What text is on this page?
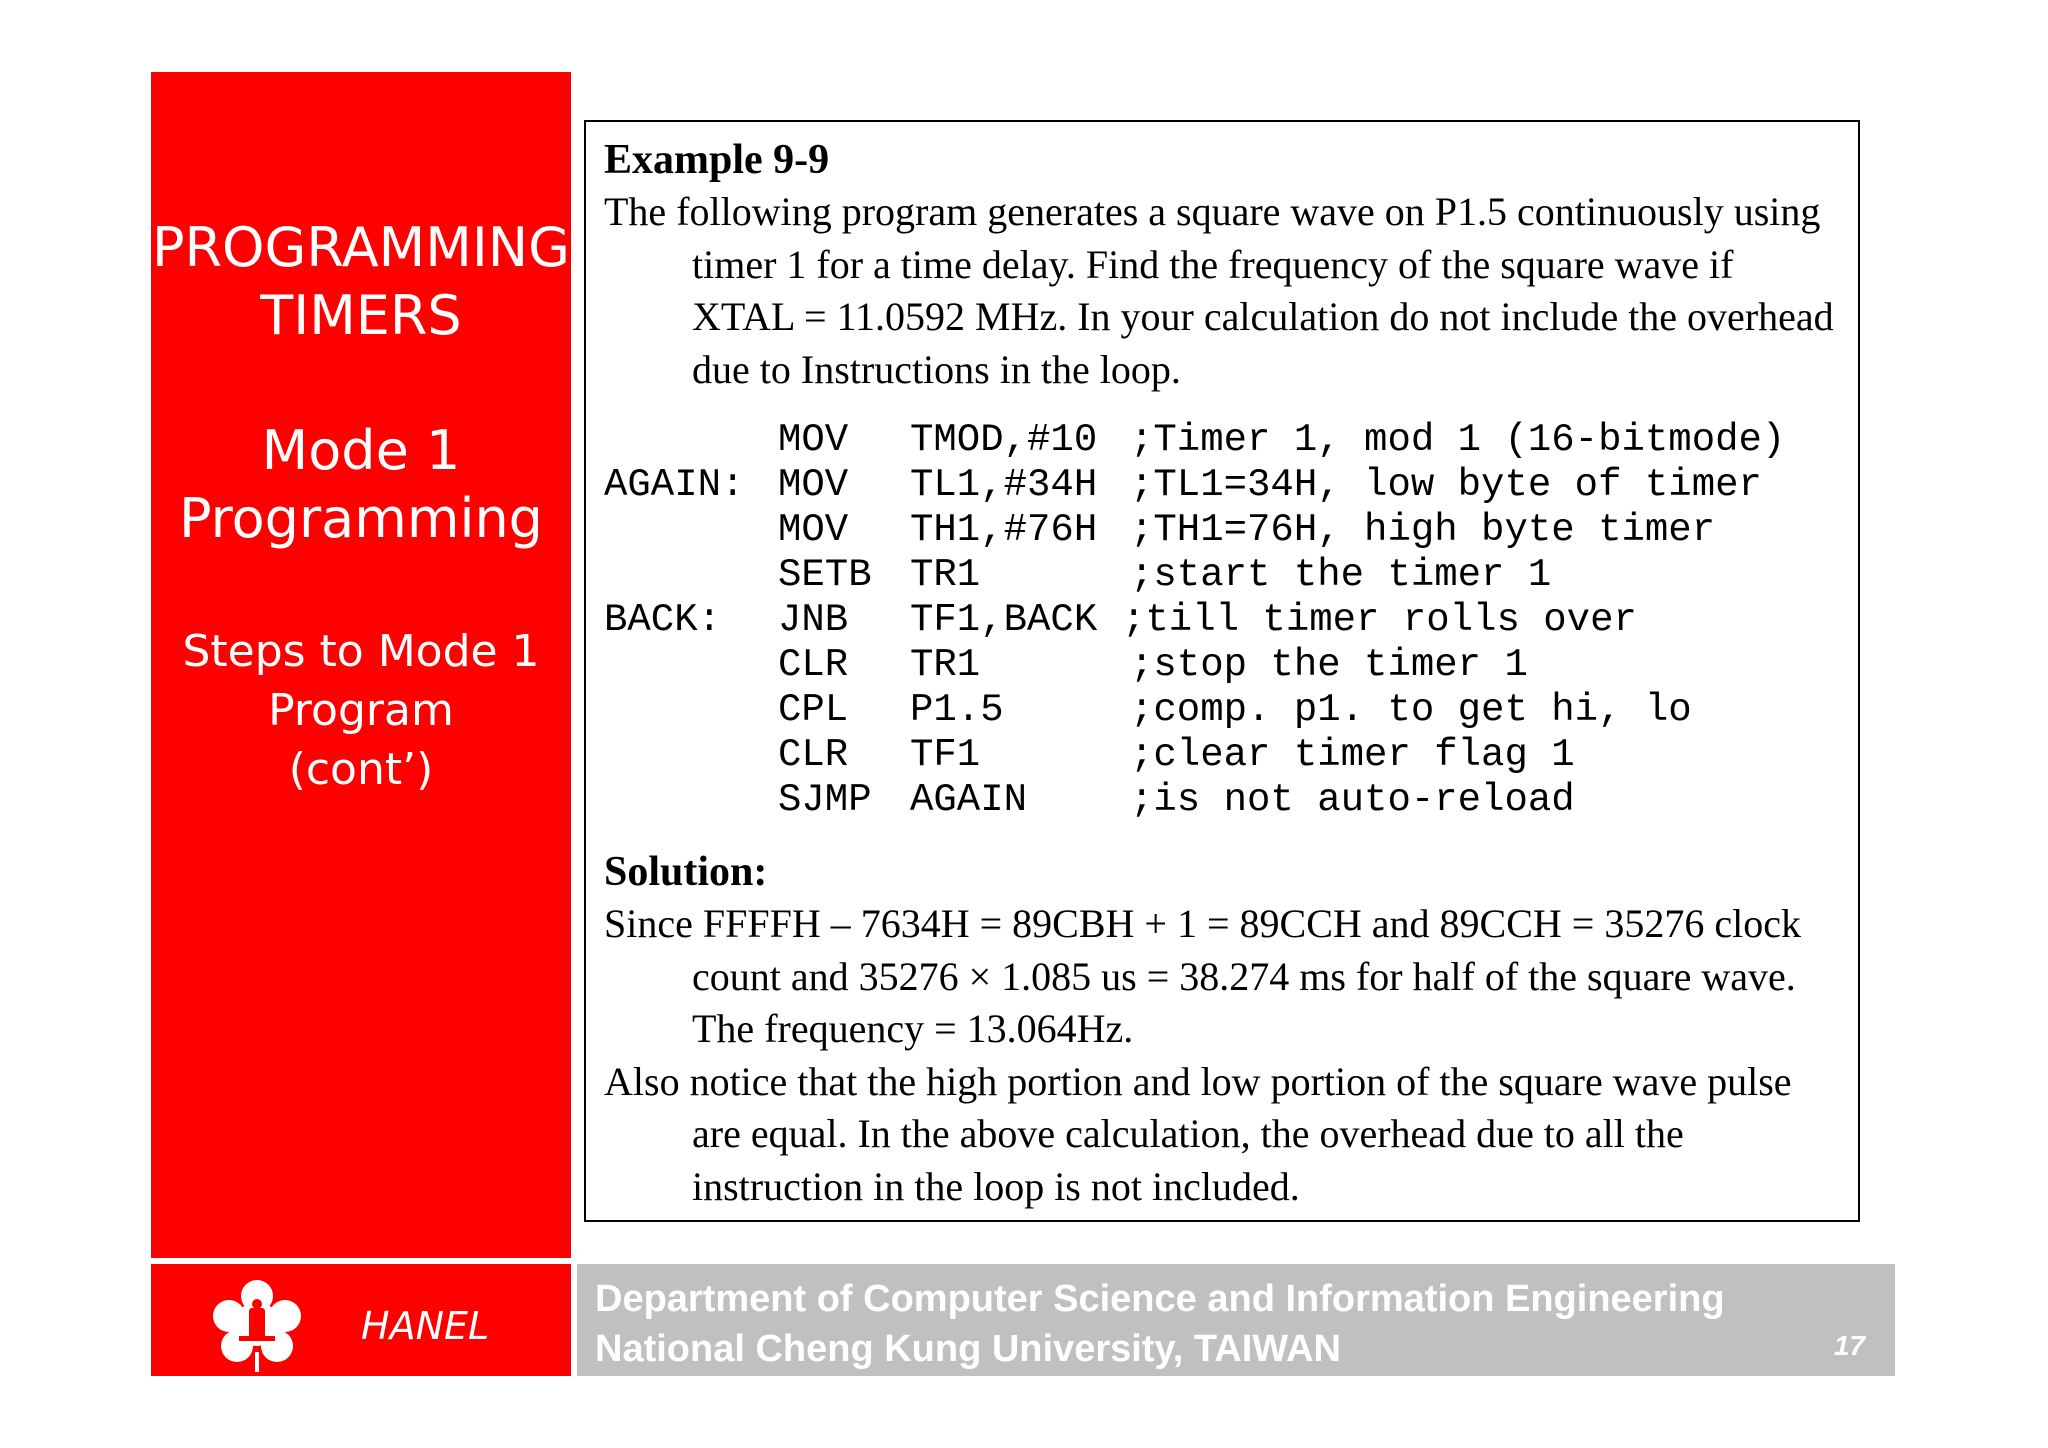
PROGRAMMING
TIMERS
Mode 1
Programming
Steps to Mode 1
Program
(cont’)
Example 9-9

The following program generates a square wave on P1.5 continuously using timer 1 for a time delay. Find the frequency of the square wave if XTAL = 11.0592 MHz. In your calculation do not include the overhead due to Instructions in the loop.

MOV TMOD,#10 ;Timer 1, mod 1 (16-bitmode)
AGAIN: MOV TL1,#34H ;TL1=34H, low byte of timer
MOV TH1,#76H ;TH1=76H, high byte timer
SETB TR1	;start the timer 1
BACK: JNB TF1,BACK ;till timer rolls over
CLR TR1	;stop the timer 1
CPL P1.5	;comp. p1. to get hi, lo
CLR TF1	;clear timer flag 1
SJMP AGAIN	;is not auto-reload
Solution:

Since FFFFH – 7634H = 89CBH + 1 = 89CCH and 89CCH = 35276 clock count and 35276 × 1.085 us = 38.274 ms for half of the square wave. The frequency = 13.064Hz.

Also notice that the high portion and low portion of the square wave pulse are equal. In the above calculation, the overhead due to all the instruction in the loop is not included.

HANEL
Department of Computer Science and Information Engineering
National Cheng Kung University, TAIWAN	17
